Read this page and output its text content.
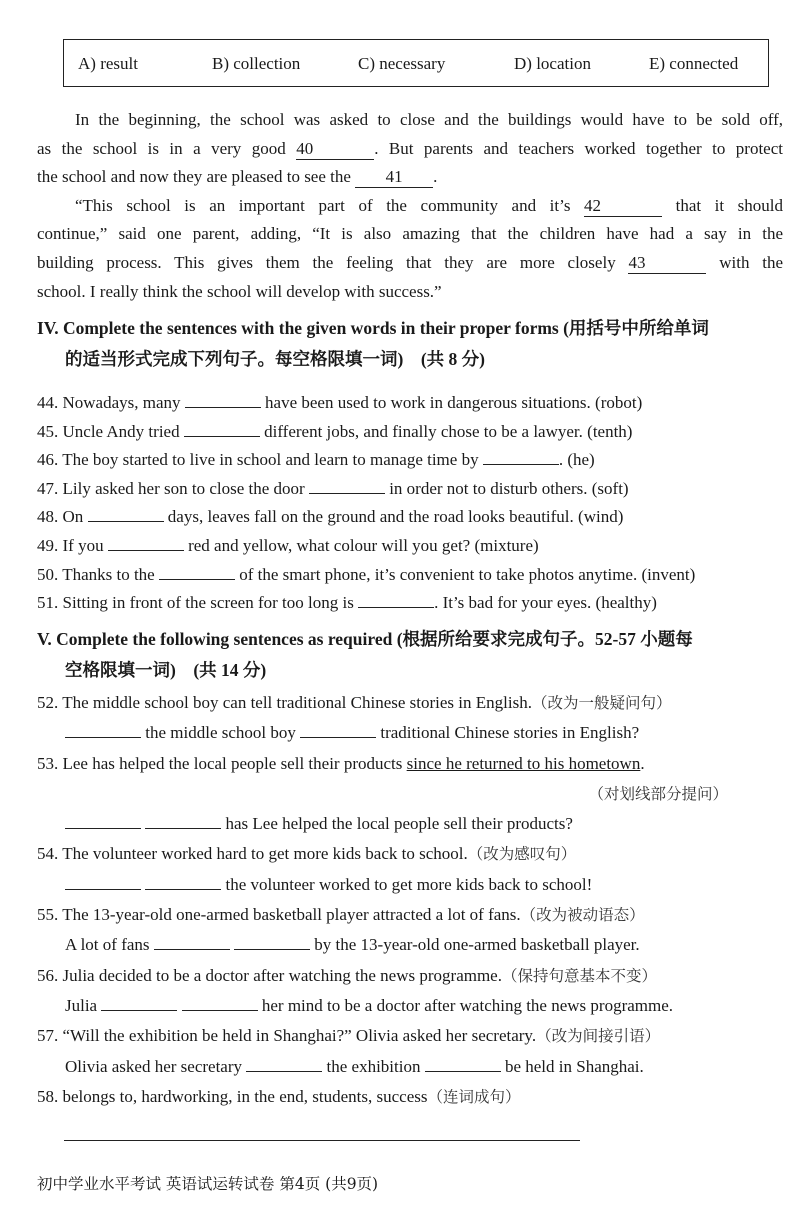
A) result	B) collection	C) necessary	D) location	E) connected
In the beginning, the school was asked to close and the buildings would have to be sold off,
as the school is in a very good 40	. But parents and teachers worked together to protect
the school and now they are pleased to see the 41 .
“This school is an important part of the community and it’s 42	that it should
continue,” said one parent, adding, “It is also amazing that the children have had a say in the
building process. This gives them the feeling that they are more closely 43	with the
school. I really think the school will develop with success.”
IV. Complete the sentences with the given words in their proper forms (用括号中所给单词
的适当形式完成下列句子。每空格限填一词)　(共 8 分)
44. Nowadays, many	have been used to work in dangerous situations. (robot)
45. Uncle Andy tried	different jobs, and finally chose to be a lawyer. (tenth)
46. The boy started to live in school and learn to manage time by	. (he)
47. Lily asked her son to close the door	in order not to disturb others. (soft)
48. On	days, leaves fall on the ground and the road looks beautiful. (wind)
49. If you	red and yellow, what colour will you get? (mixture)
50. Thanks to the	of the smart phone, it’s convenient to take photos anytime. (invent)
51. Sitting in front of the screen for too long is	. It’s bad for your eyes. (healthy)
V. Complete the following sentences as required (根据所给要求完成句子。52-57 小题每
空格限填一词)　(共 14 分)
52. The middle school boy can tell traditional Chinese stories in English.（改为一般疑问句）
the middle school boy	traditional Chinese stories in English?
53. Lee has helped the local people sell their products since he returned to his hometown.
（对划线部分提问）
has Lee helped the local people sell their products?
54. The volunteer worked hard to get more kids back to school.（改为感叹句）
the volunteer worked to get more kids back to school!
55. The 13-year-old one-armed basketball player attracted a lot of fans.（改为被动语态）
A lot of fans	by the 13-year-old one-armed basketball player.
56. Julia decided to be a doctor after watching the news programme.（保持句意基本不变）
Julia	her mind to be a doctor after watching the news programme.
57. “Will the exhibition be held in Shanghai?” Olivia asked her secretary.（改为间接引语）
Olivia asked her secretary	the exhibition	be held in Shanghai.
58. belongs to, hardworking, in the end, students, success（连词成句）
初中学业水平考试 英语试运转试卷 第4页 (共9页)
